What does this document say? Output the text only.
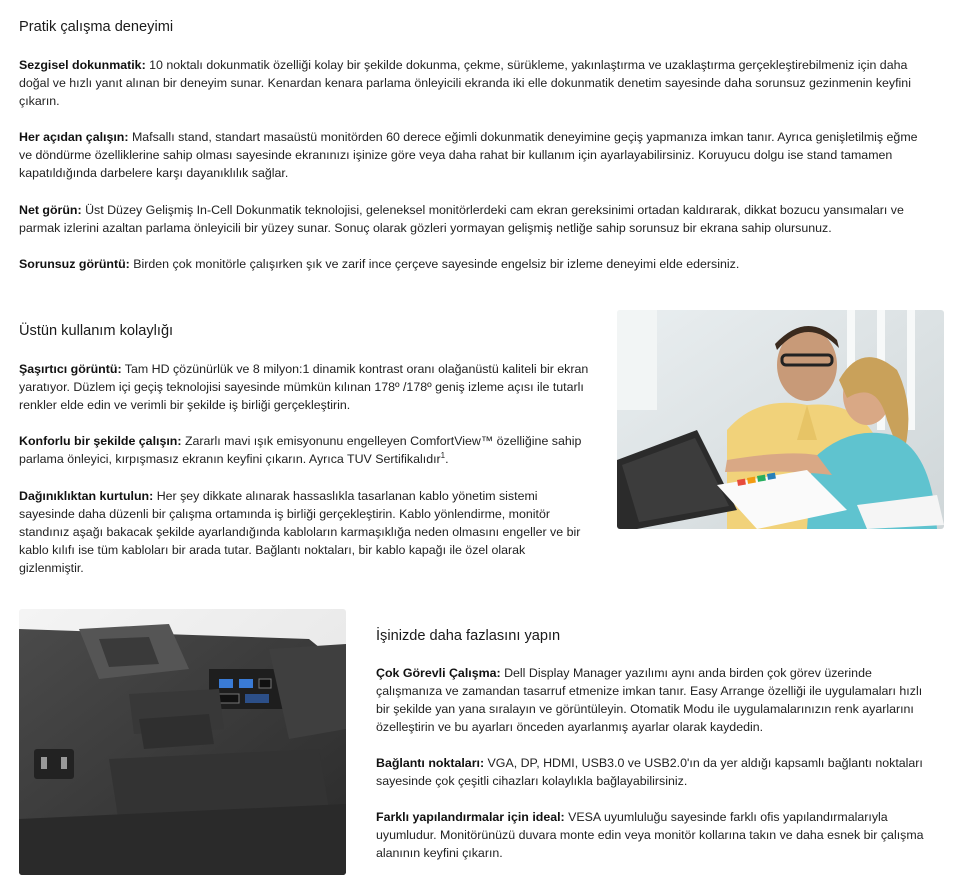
Pratik çalışma deneyimi

Sezgisel dokunmatik: 10 noktalı dokunmatik özelliği kolay bir şekilde dokunma, çekme, sürükleme, yakınlaştırma ve uzaklaştırma gerçekleştirebilmeniz için daha doğal ve hızlı yanıt alınan bir deneyim sunar. Kenardan kenara parlama önleyicili ekranda iki elle dokunmatik denetim sayesinde daha sorunsuz gezinmenin keyfini çıkarın.

Her açıdan çalışın: Mafsallı stand, standart masaüstü monitörden 60 derece eğimli dokunmatik deneyimine geçiş yapmanıza imkan tanır. Ayrıca genişletilmiş eğme ve döndürme özelliklerine sahip olması sayesinde ekranınızı işinize göre veya daha rahat bir kullanım için ayarlayabilirsiniz. Koruyucu dolgu ise stand tamamen kapatıldığında darbelere karşı dayanıklılık sağlar.

Net görün: Üst Düzey Gelişmiş In-Cell Dokunmatik teknolojisi, geleneksel monitörlerdeki cam ekran gereksinimi ortadan kaldırarak, dikkat bozucu yansımaları ve parmak izlerini azaltan parlama önleyicili bir yüzey sunar. Sonuç olarak gözleri yormayan gelişmiş netliğe sahip sorunsuz bir ekrana sahip olursunuz.

Sorunsuz görüntü: Birden çok monitörle çalışırken şık ve zarif ince çerçeve sayesinde engelsiz bir izleme deneyimi elde edersiniz.

Üstün kullanım kolaylığı

Şaşırtıcı görüntü: Tam HD çözünürlük ve 8 milyon:1 dinamik kontrast oranı olağanüstü kaliteli bir ekran yaratıyor. Düzlem içi geçiş teknolojisi sayesinde mümkün kılınan 178º /178º geniş izleme açısı ile tutarlı renkler elde edin ve verimli bir şekilde iş birliği gerçekleştirin.

Konforlu bir şekilde çalışın: Zararlı mavi ışık emisyonunu engelleyen ComfortView™ özelliğine sahip parlama önleyici, kırpışmasız ekranın keyfini çıkarın. Ayrıca TUV Sertifikalıdır$^1$.

Dağınıklıktan kurtulun: Her şey dikkate alınarak hassaslıkla tasarlanan kablo yönetim sistemi sayesinde daha düzenli bir çalışma ortamında iş birliği gerçekleştirin. Kablo yönlendirme, monitör standınız aşağı bakacak şekilde ayarlandığında kabloların karmaşıklığa neden olmasını engeller ve bir kablo kılıfı ise tüm kabloları bir arada tutar. Bağlantı noktaları, bir kablo kapağı ile özel olarak gizlenmiştir.

İşinizde daha fazlasını yapın

Çok Görevli Çalışma: Dell Display Manager yazılımı aynı anda birden çok görev üzerinde çalışmanıza ve zamandan tasarruf etmenize imkan tanır. Easy Arrange özelliği ile uygulamaları hızlı bir şekilde yan yana sıralayın ve görüntüleyin. Otomatik Modu ile uygulamalarınızın renk ayarlarını özelleştirin ve bu ayarları önceden ayarlanmış ayarlar olarak kaydedin.

Bağlantı noktaları: VGA, DP, HDMI, USB3.0 ve USB2.0'ın da yer aldığı kapsamlı bağlantı noktaları sayesinde çok çeşitli cihazları kolaylıkla bağlayabilirsiniz.

Farklı yapılandırmalar için ideal: VESA uyumluluğu sayesinde farklı ofis yapılandırmalarıyla uyumludur. Monitörünüzü duvara monte edin veya monitör kollarına takın ve daha esnek bir çalışma alanının keyfini çıkarın.
